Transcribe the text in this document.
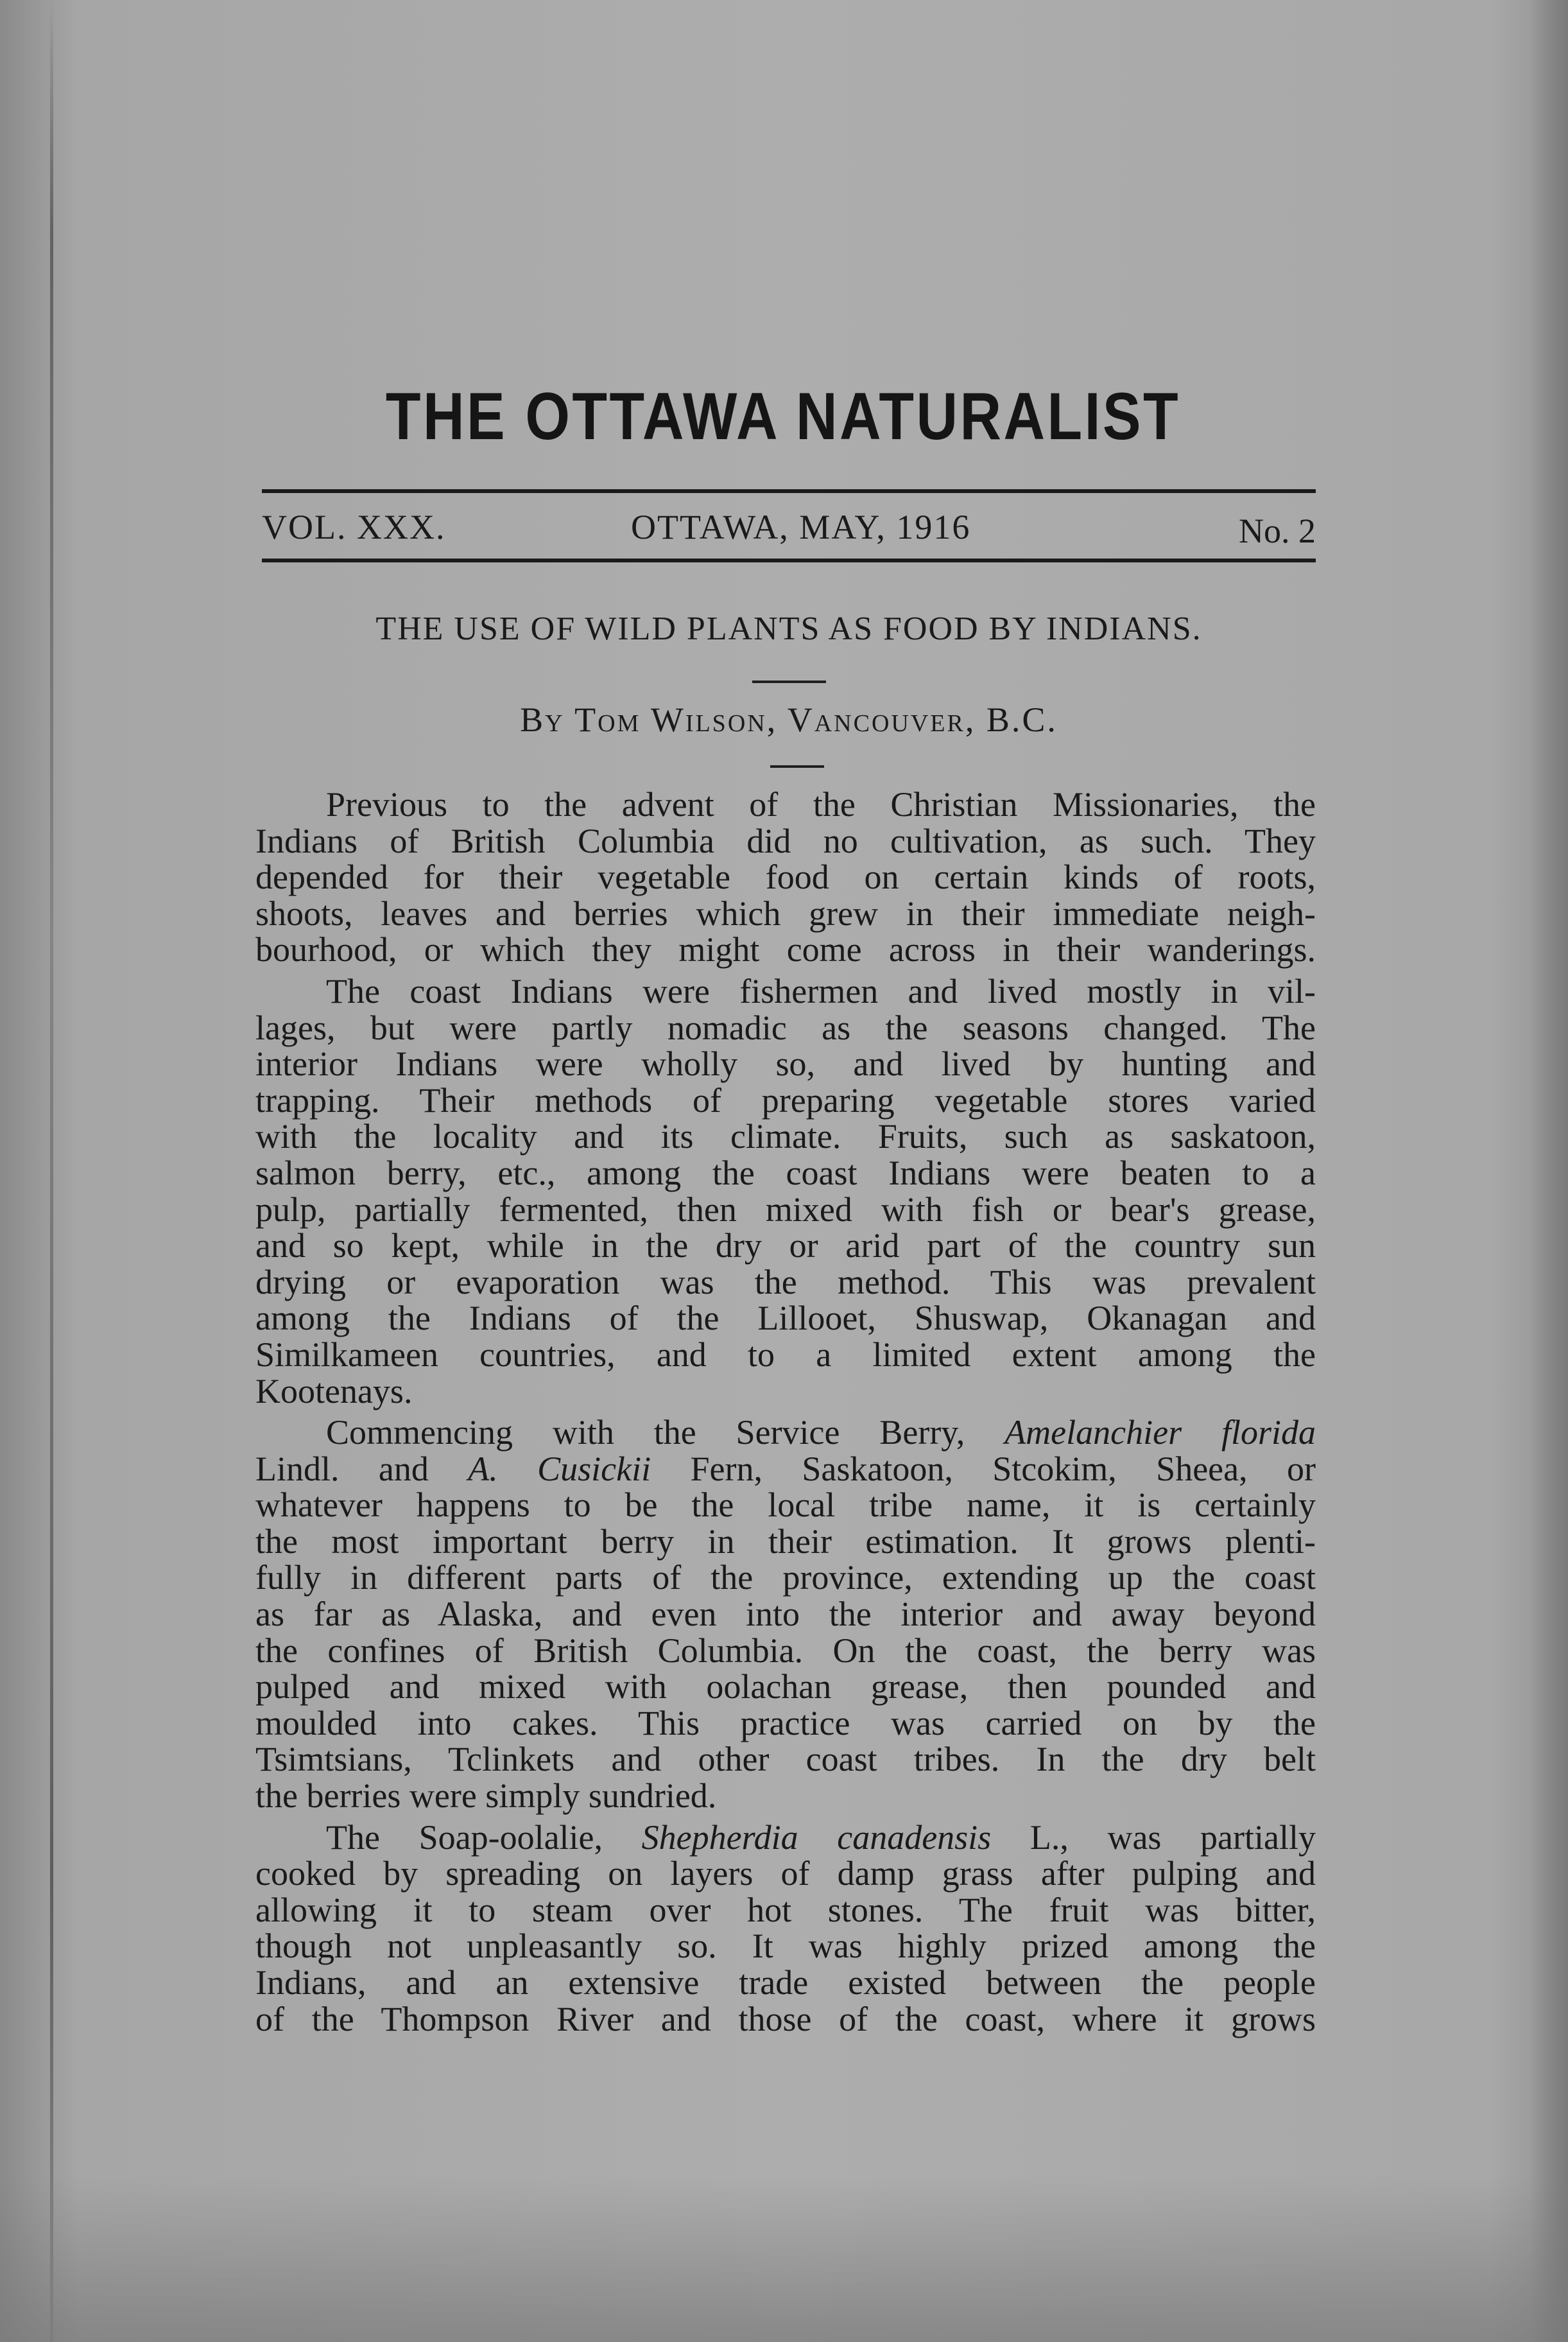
THE OTTAWA NATURALIST
VOL. XXX.	OTTAWA, MAY, 1916	No. 2
THE USE OF WILD PLANTS AS FOOD BY INDIANS.
By Tom Wilson, Vancouver, B.C.

Previous to the advent of the Christian Missionaries, the
Indians of British Columbia did no cultivation, as such. They
depended for their vegetable food on certain kinds of roots,
shoots, leaves and berries which grew in their immediate neigh-
bourhood, or which they might come across in their wanderings.

The coast Indians were fishermen and lived mostly in vil-
lages, but were partly nomadic as the seasons changed. The
interior Indians were wholly so, and lived by hunting and
trapping. Their methods of preparing vegetable stores varied
with the locality and its climate. Fruits, such as saskatoon,
salmon berry, etc., among the coast Indians were beaten to a
pulp, partially fermented, then mixed with fish or bear's grease,
and so kept, while in the dry or arid part of the country sun
drying or evaporation was the method. This was prevalent
among the Indians of the Lillooet, Shuswap, Okanagan and
Similkameen countries, and to a limited extent among the
Kootenays.

Commencing with the Service Berry, Amelanchier florida
Lindl. and A. Cusickii Fern, Saskatoon, Stcokim, Sheea, or
whatever happens to be the local tribe name, it is certainly
the most important berry in their estimation. It grows plenti-
fully in different parts of the province, extending up the coast
as far as Alaska, and even into the interior and away beyond
the confines of British Columbia. On the coast, the berry was
pulped and mixed with oolachan grease, then pounded and
moulded into cakes. This practice was carried on by the
Tsimtsians, Tclinkets and other coast tribes. In the dry belt
the berries were simply sundried.

The Soap-oolalie, Shepherdia canadensis L., was partially
cooked by spreading on layers of damp grass after pulping and
allowing it to steam over hot stones. The fruit was bitter,
though not unpleasantly so. It was highly prized among the
Indians, and an extensive trade existed between the people
of the Thompson River and those of the coast, where it grows
